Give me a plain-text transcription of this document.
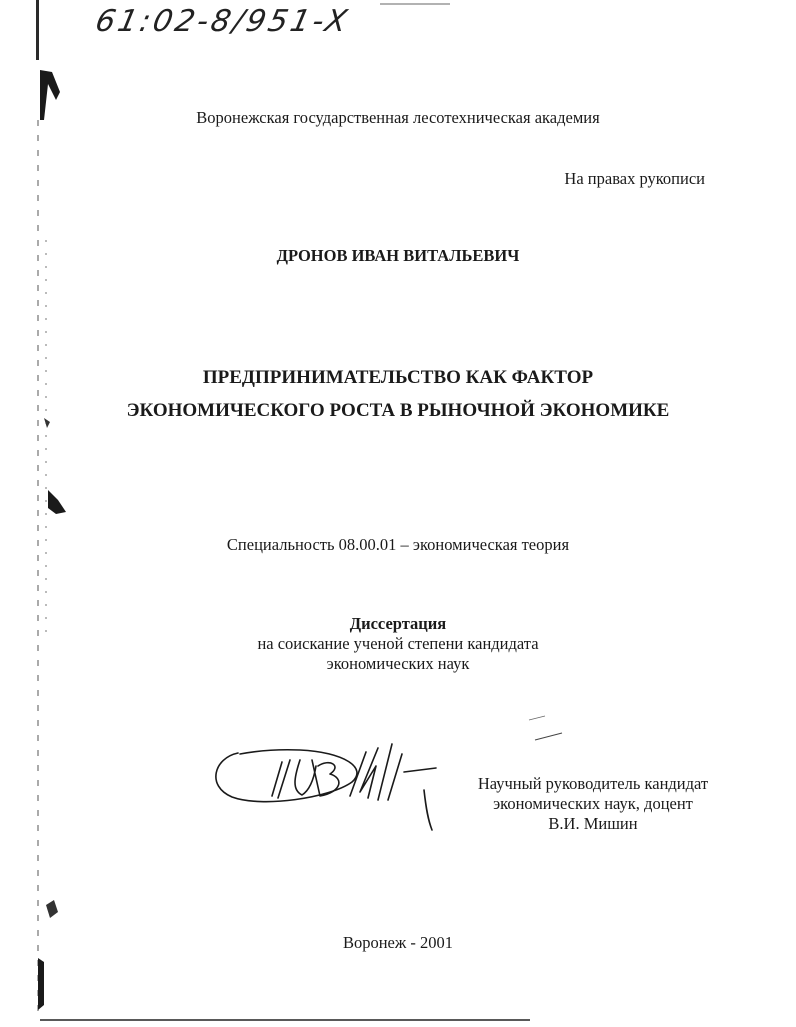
61:02-8/951-X
Воронежская государственная лесотехническая академия
На правах рукописи
ДРОНОВ ИВАН ВИТАЛЬЕВИЧ
ПРЕДПРИНИМАТЕЛЬСТВО КАК ФАКТОР
ЭКОНОМИЧЕСКОГО РОСТА В РЫНОЧНОЙ ЭКОНОМИКЕ
Специальность 08.00.01 – экономическая теория
Диссертация
на соискание ученой степени кандидата
экономических наук
Научный руководитель кандидат
экономических наук, доцент
В.И. Мишин
Воронеж - 2001
